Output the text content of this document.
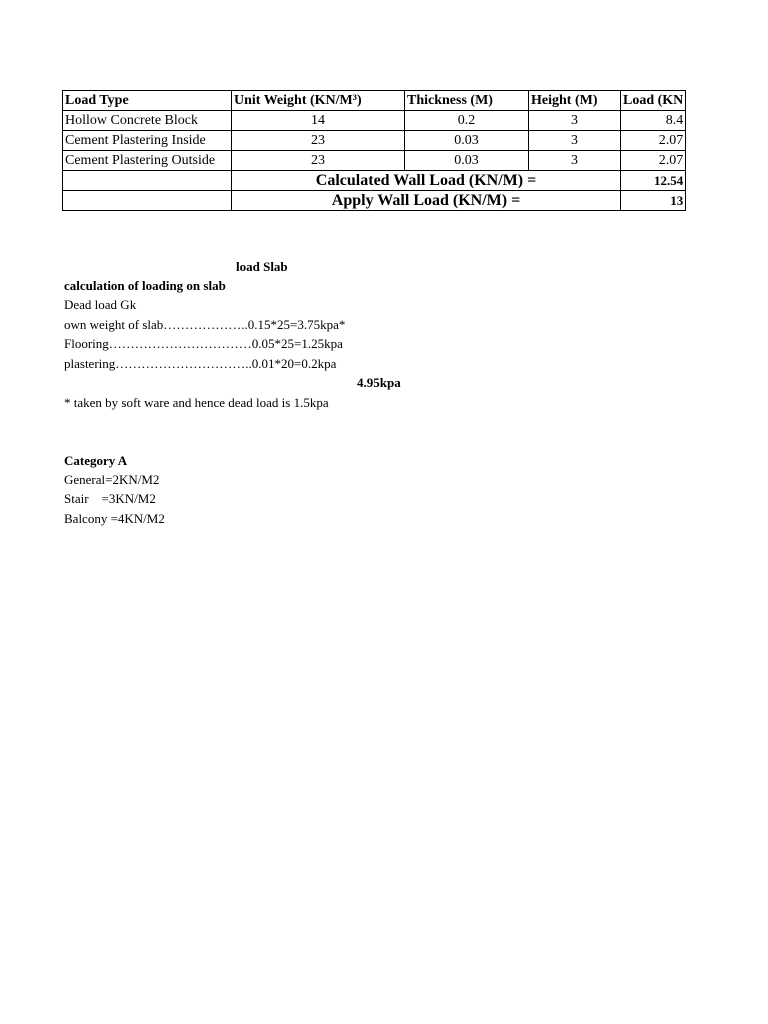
Load Type	Unit Weight (KN/M³)	Thickness (M)	Height (M)	Load (KN
Hollow Concrete Block	14	0.2	3	8.4
Cement Plastering Inside	23	0.03	3	2.07
Cement Plastering Outside	23	0.03	3	2.07
	Calculated Wall Load (KN/M) =			12.54
	Apply Wall Load (KN/M) =			13
load Slab
calculation of loading on slab
Dead load Gk
own weight of slab………………..0.15*25=3.75kpa*
Flooring……………………………0.05*25=1.25kpa
plastering…………………………..0.01*20=0.2kpa
4.95kpa
* taken by soft ware and hence dead load is 1.5kpa
Category A
General=2KN/M2
Stair    =3KN/M2
Balcony =4KN/M2
